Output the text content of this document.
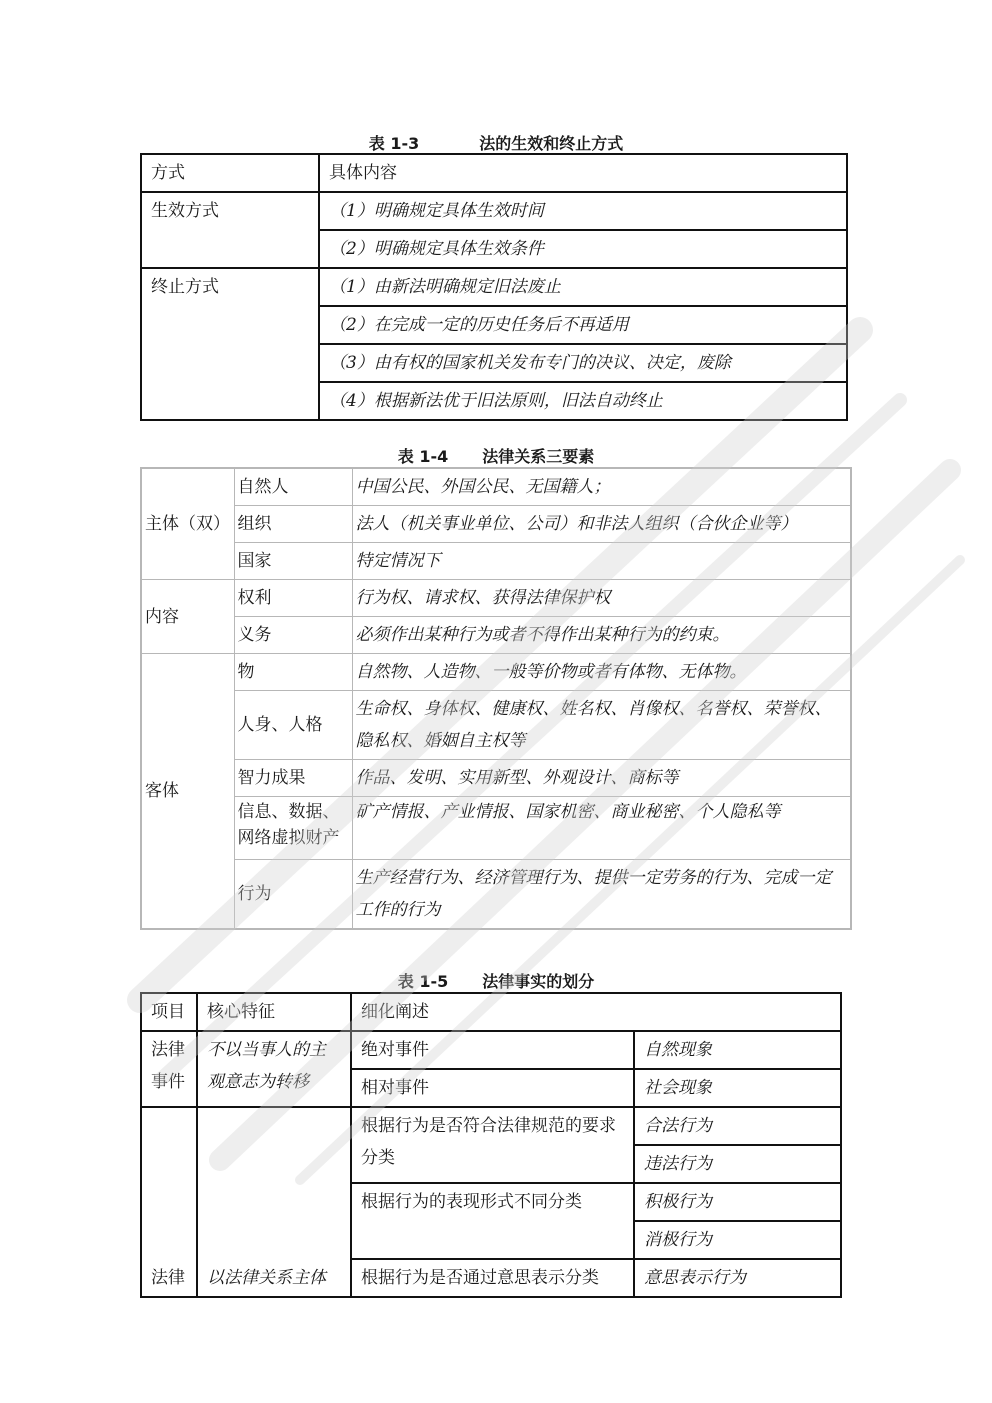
表 1-3	法的生效和终止方式
方式	具体内容
生效方式	（1）明确规定具体生效时间
	（2）明确规定具体生效条件
终止方式	（1）由新法明确规定旧法废止
	（2）在完成一定的历史任务后不再适用
	（3）由有权的国家机关发布专门的决议、决定，废除
	（4）根据新法优于旧法原则，旧法自动终止
表 1-4 法律关系三要素
主体（双）	自然人	中国公民、外国公民、无国籍人；
	组织	法人（机关事业单位、公司）和非法人组织（合伙企业等）
	国家	特定情况下
内容	权利	行为权、请求权、获得法律保护权
	义务	必须作出某种行为或者不得作出某种行为的约束。
客体	物	自然物、人造物、一般等价物或者有体物、无体物。
	人身、人格	生命权、身体权、健康权、姓名权、肖像权、名誉权、荣誉权、隐私权、婚姻自主权等
	智力成果	作品、发明、实用新型、外观设计、商标等
	信息、数据、网络虚拟财产	矿产情报、产业情报、国家机密、商业秘密、个人隐私等
	行为	生产经营行为、经济管理行为、提供一定劳务的行为、完成一定工作的行为
表 1-5 法律事实的划分
项目	核心特征	细化阐述	
法律事件	不以当事人的主观意志为转移	绝对事件	自然现象
		相对事件	社会现象
法律	以法律关系主体	根据行为是否符合法律规范的要求分类	合法行为
			违法行为
		根据行为的表现形式不同分类	积极行为
			消极行为
		根据行为是否通过意思表示分类	意思表示行为
